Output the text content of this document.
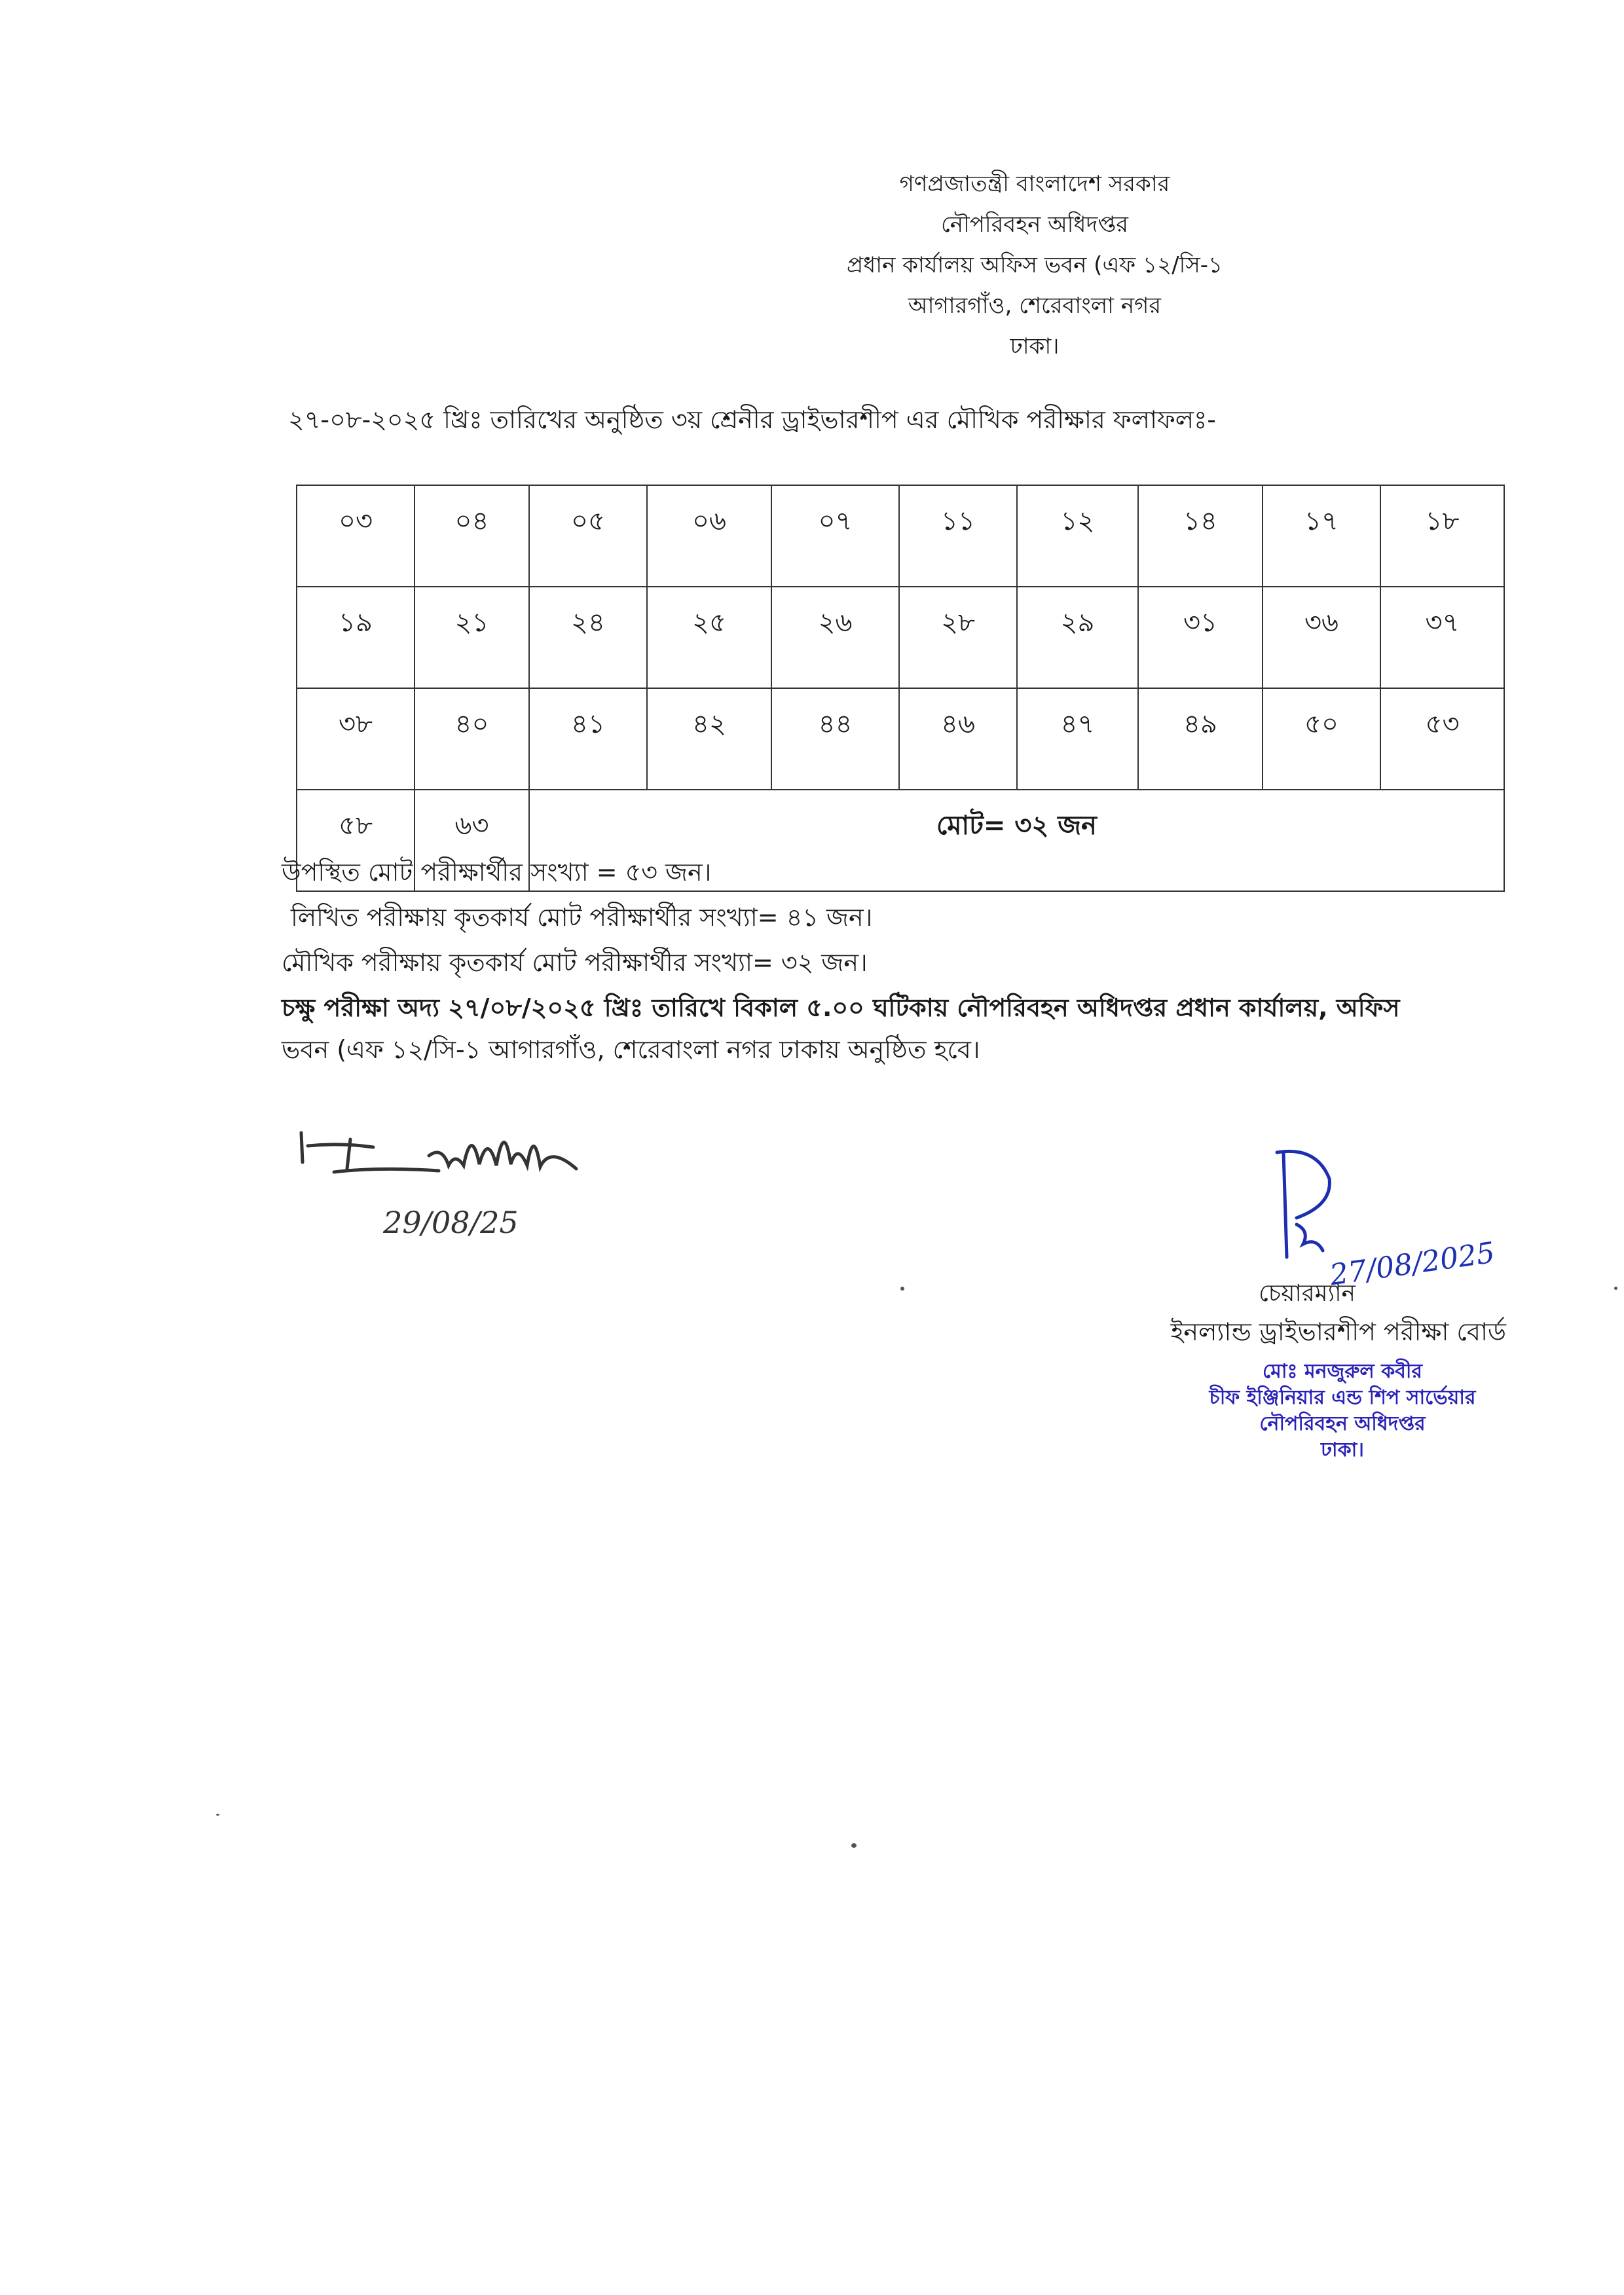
গণপ্রজাতন্ত্রী বাংলাদেশ সরকার
নৌপরিবহন অধিদপ্তর
প্রধান কার্যালয় অফিস ভবন (এফ ১২/সি-১
আগারগাঁও, শেরেবাংলা নগর
ঢাকা।
২৭-০৮-২০২৫ খ্রিঃ তারিখের অনুষ্ঠিত ৩য় শ্রেনীর ড্রাইভারশীপ এর মৌখিক পরীক্ষার ফলাফলঃ-
০৩	০৪	০৫	০৬	০৭	১১	১২	১৪	১৭	১৮
১৯	২১	২৪	২৫	২৬	২৮	২৯	৩১	৩৬	৩৭
৩৮	৪০	৪১	৪২	৪৪	৪৬	৪৭	৪৯	৫০	৫৩
৫৮	৬৩	মোট= ৩২ জন							

উপস্থিত মোট পরীক্ষার্থীর সংখ্যা = ৫৩ জন।

লিখিত পরীক্ষায় কৃতকার্য মোট পরীক্ষার্থীর সংখ্যা= ৪১ জন।

মৌখিক পরীক্ষায় কৃতকার্য মোট পরীক্ষার্থীর সংখ্যা= ৩২ জন।

চক্ষু পরীক্ষা অদ্য ২৭/০৮/২০২৫ খ্রিঃ তারিখে বিকাল ৫.০০ ঘটিকায় নৌপরিবহন অধিদপ্তর প্রধান কার্যালয়, অফিস

ভবন (এফ ১২/সি-১ আগারগাঁও, শেরেবাংলা নগর ঢাকায় অনুষ্ঠিত হবে।

29/08/25
27/08/2025
চেয়ারম্যান
ইনল্যান্ড ড্রাইভারশীপ পরীক্ষা বোর্ড
মোঃ মনজুরুল কবীর
চীফ ইঞ্জিনিয়ার এন্ড শিপ সার্ভেয়ার
নৌপরিবহন অধিদপ্তর
ঢাকা।
